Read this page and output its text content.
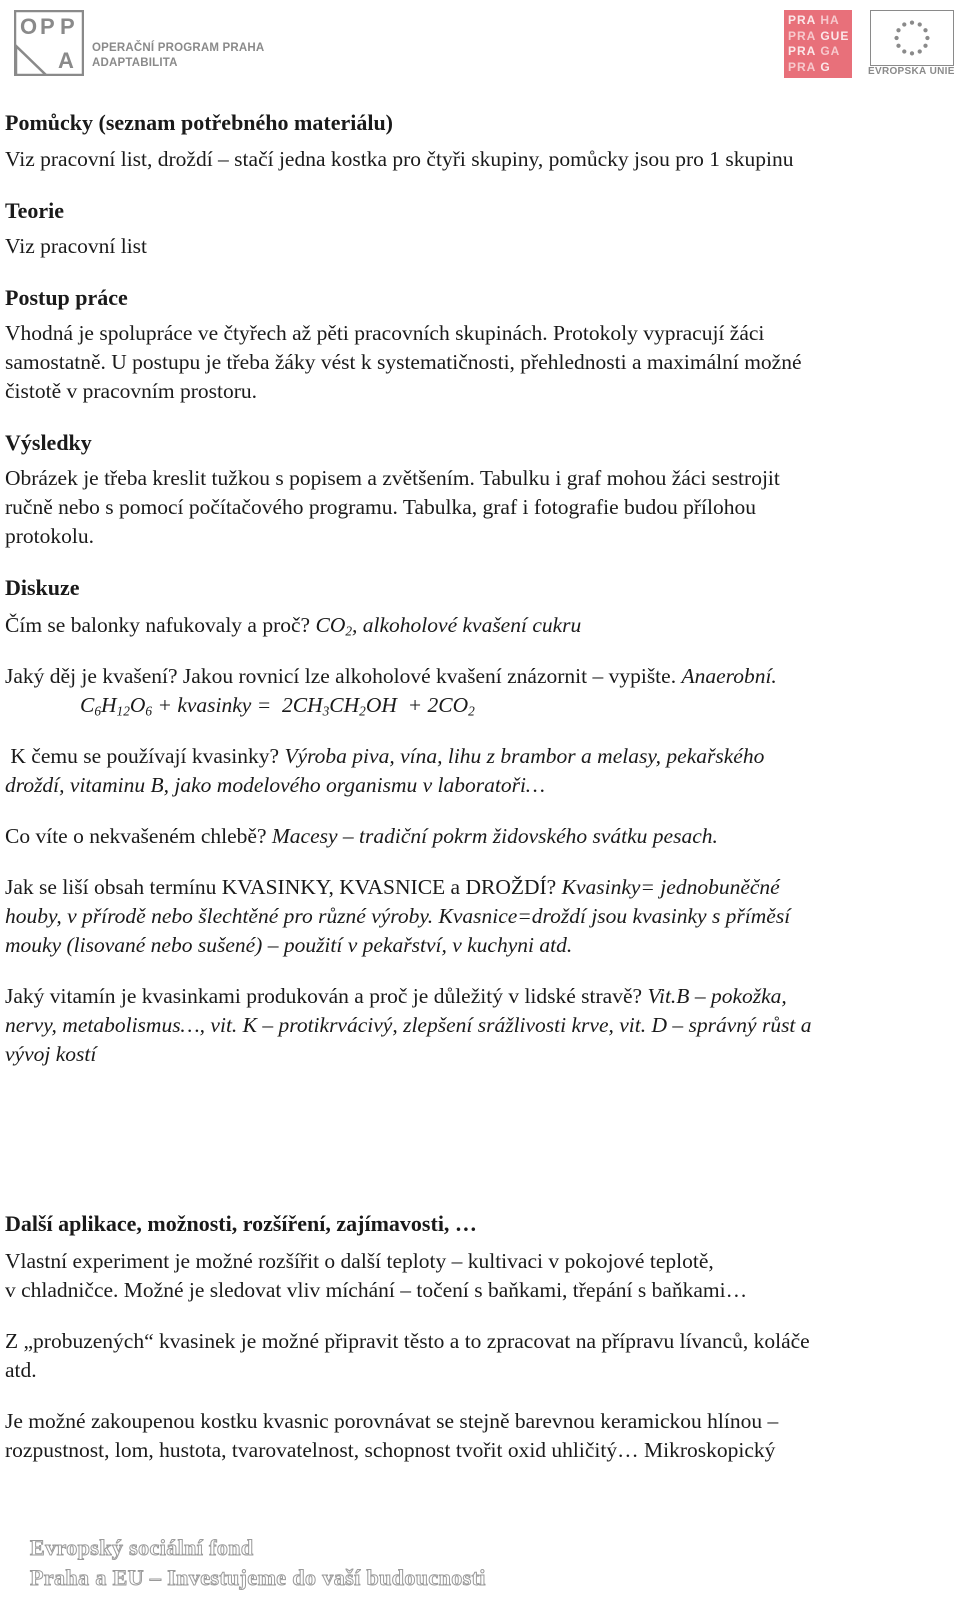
O P P
A OPERAČNÍ PROGRAM PRAHA
ADAPTABILITA
PRA HA
PRA GUE
PRA GA
PRA G	EVROPSKÁ UNIE
Pomůcky (seznam potřebného materiálu)
Viz pracovní list, droždí – stačí jedna kostka pro čtyři skupiny, pomůcky jsou pro 1 skupinu
Teorie
Viz pracovní list
Postup práce
Vhodná je spolupráce ve čtyřech až pěti pracovních skupinách. Protokoly vypracují žáci
samostatně. U postupu je třeba žáky vést k systematičnosti, přehlednosti a maximální možné
čistotě v pracovním prostoru.
Výsledky
Obrázek je třeba kreslit tužkou s popisem a zvětšením. Tabulku i graf mohou žáci sestrojit
ručně nebo s pomocí počítačového programu. Tabulka, graf i fotografie budou přílohou
protokolu.
Diskuze
Čím se balonky nafukovaly a proč? $CO_2$, alkoholové kvašení cukru
Jaký děj je kvašení? Jakou rovnicí lze alkoholové kvašení znázornit – vypište. Anaerobní.
$C_6H_{12}O_6$ + kvasinky =  $2CH_3CH_2OH + 2CO_2$
K čemu se používají kvasinky? Výroba piva, vína, lihu z brambor a melasy, pekařského
droždí, vitaminu B, jako modelového organismu v laboratoři…
Co víte o nekvašeném chlebě? Macesy – tradiční pokrm židovského svátku pesach.
Jak se liší obsah termínu KVASINKY, KVASNICE a DROŽDÍ? Kvasinky= jednobuněčné
houby, v přírodě nebo šlechtěné pro různé výroby. Kvasnice=droždí jsou kvasinky s příměsí
mouky (lisované nebo sušené) – použití v pekařství, v kuchyni atd.
Jaký vitamín je kvasinkami produkován a proč je důležitý v lidské stravě? Vit.B – pokožka,
nervy, metabolismus…, vit. K – protikrvácivý, zlepšení srážlivosti krve, vit. D – správný růst a
vývoj kostí
Další aplikace, možnosti, rozšíření, zajímavosti, …
Vlastní experiment je možné rozšířit o další teploty – kultivaci v pokojové teplotě,
v chladničce. Možné je sledovat vliv míchání – točení s baňkami, třepání s baňkami…
Z „probuzených“ kvasinek je možné připravit těsto a to zpracovat na přípravu lívanců, koláče
atd.
Je možné zakoupenou kostku kvasnic porovnávat se stejně barevnou keramickou hlínou –
rozpustnost, lom, hustota, tvarovatelnost, schopnost tvořit oxid uhličitý… Mikroskopický
Evropský sociální fond
Praha a EU – Investujeme do vaší budoucnosti
